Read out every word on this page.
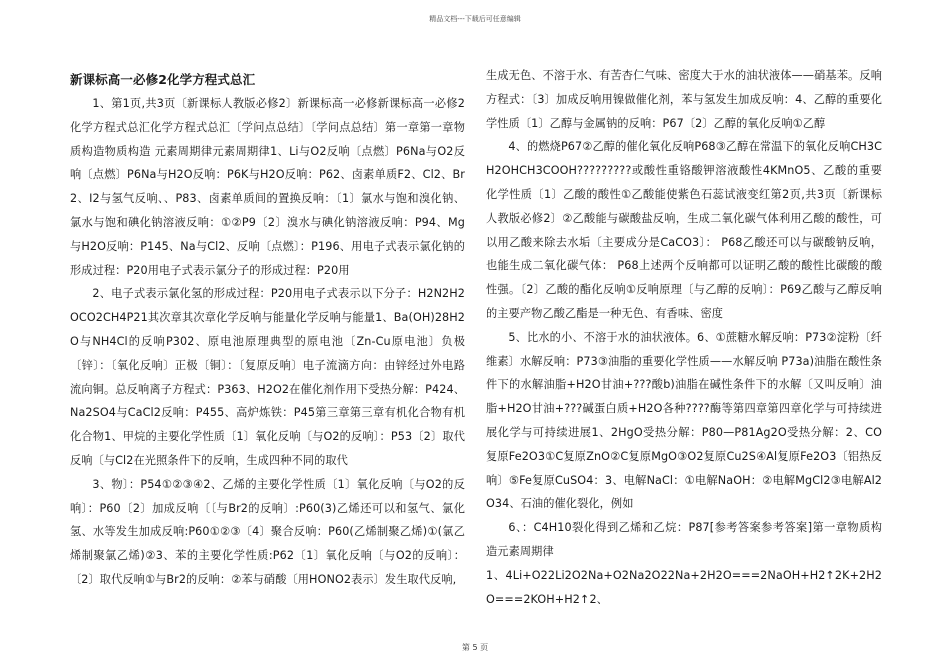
精品文档---下载后可任意编辑

新课标高一必修2化学方程式总汇

1、第1页,共3页〔新课标人教版必修2〕新课标高一必修新课标高一必修2化学方程式总汇化学方程式总汇〔学问点总结〕〔学问点总结〕第一章第一章物质构造物质构造 元素周期律元素周期律1、Li与O2反响〔点燃〕P6Na与O2反响〔点燃〕P6Na与H2O反响：P6K与H2O反响：P62、卤素单质F2、Cl2、Br2、I2与氢气反响、、P83、卤素单质间的置换反响：〔1〕氯水与饱和溴化钠、氯水与饱和碘化钠溶液反响：①②P9〔2〕溴水与碘化钠溶液反响：P94、Mg与H2O反响：P145、Na与Cl2、反响〔点燃〕：P196、用电子式表示氯化钠的形成过程：P20用电子式表示氯分子的形成过程：P20用

2、电子式表示氯化氢的形成过程：P20用电子式表示以下分子：H2N2H2OCO2CH4P21其次章其次章化学反响与能量化学反响与能量1、Ba(OH)28H2O与NH4Cl的反响P302、原电池原理典型的原电池〔Zn-Cu原电池〕负极〔锌〕：〔氧化反响〕正极〔铜〕：〔复原反响〕电子流滴方向：由锌经过外电路流向铜。总反响离子方程式：P363、H2O2在催化剂作用下受热分解：P424、Na2SO4与CaCl2反响：P455、高炉炼铁：P45第三章第三章有机化合物有机化合物1、甲烷的主要化学性质〔1〕氧化反响〔与O2的反响〕：P53〔2〕取代反响〔与Cl2在光照条件下的反响，生成四种不同的取代

3、物〕：P54①②③④2、乙烯的主要化学性质〔1〕氧化反响〔与O2的反响〕：P60〔2〕加成反响〔〔与Br2的反响〕:P60(3)乙烯还可以和氢气、氯化氢、水等发生加成反响:P60①②③〔4〕聚合反响：P60(乙烯制聚乙烯)①(氯乙烯制聚氯乙烯)②3、苯的主要化学性质:P62〔1〕氧化反响〔与O2的反响〕：〔2〕取代反响①与Br2的反响：②苯与硝酸〔用HONO2表示〕发生取代反响,

生成无色、不溶于水、有苦杏仁气味、密度大于水的油状液体——硝基苯。反响方程式：〔3〕加成反响用镍做催化剂，苯与氢发生加成反响：4、乙醇的重要化学性质〔1〕乙醇与金属钠的反响：P67〔2〕乙醇的氧化反响①乙醇

4、的燃烧P67②乙醇的催化氧化反响P68③乙醇在常温下的氧化反响CH3CH2OHCH3COOH?????????或酸性重铬酸钾溶液酸性4KMnO5、乙酸的重要化学性质〔1〕乙酸的酸性①乙酸能使紫色石蕊试液变红第2页,共3页〔新课标人教版必修2〕②乙酸能与碳酸盐反响，生成二氧化碳气体利用乙酸的酸性，可以用乙酸来除去水垢〔主要成分是CaCO3〕： P68乙酸还可以与碳酸钠反响，也能生成二氧化碳气体： P68上述两个反响都可以证明乙酸的酸性比碳酸的酸性强。〔2〕乙酸的酯化反响①反响原理〔与乙醇的反响〕：P69乙酸与乙醇反响的主要产物乙酸乙酯是一种无色、有香味、密度

5、比水的小、不溶于水的油状液体。6、①蔗糖水解反响：P73②淀粉〔纤维素〕水解反响：P73③油脂的重要化学性质——水解反响 P73a)油脂在酸性条件下的水解油脂+H2O甘油+???酸b)油脂在碱性条件下的水解〔又叫反响〕油脂+H2O甘油+???碱蛋白质+H2O各种????酶等第四章第四章化学与可持续进展化学与可持续进展1、2HgO受热分解：P80—P81Ag2O受热分解：2、CO复原Fe2O3①C复原ZnO②C复原MgO③O2复原Cu2S④Al复原Fe2O3〔铝热反响〕⑤Fe复原CuSO4：3、电解NaCl：①电解NaOH：②电解MgCl2③电解Al2O34、石油的催化裂化，例如

6、：C4H10裂化得到乙烯和乙烷：P87[参考答案参考答案]第一章物质构造元素周期律

1、4Li+O22Li2O2Na+O2Na2O22Na+2H2O===2NaOH+H2↑2K+2H2O===2KOH+H2↑2、

第 5 页
